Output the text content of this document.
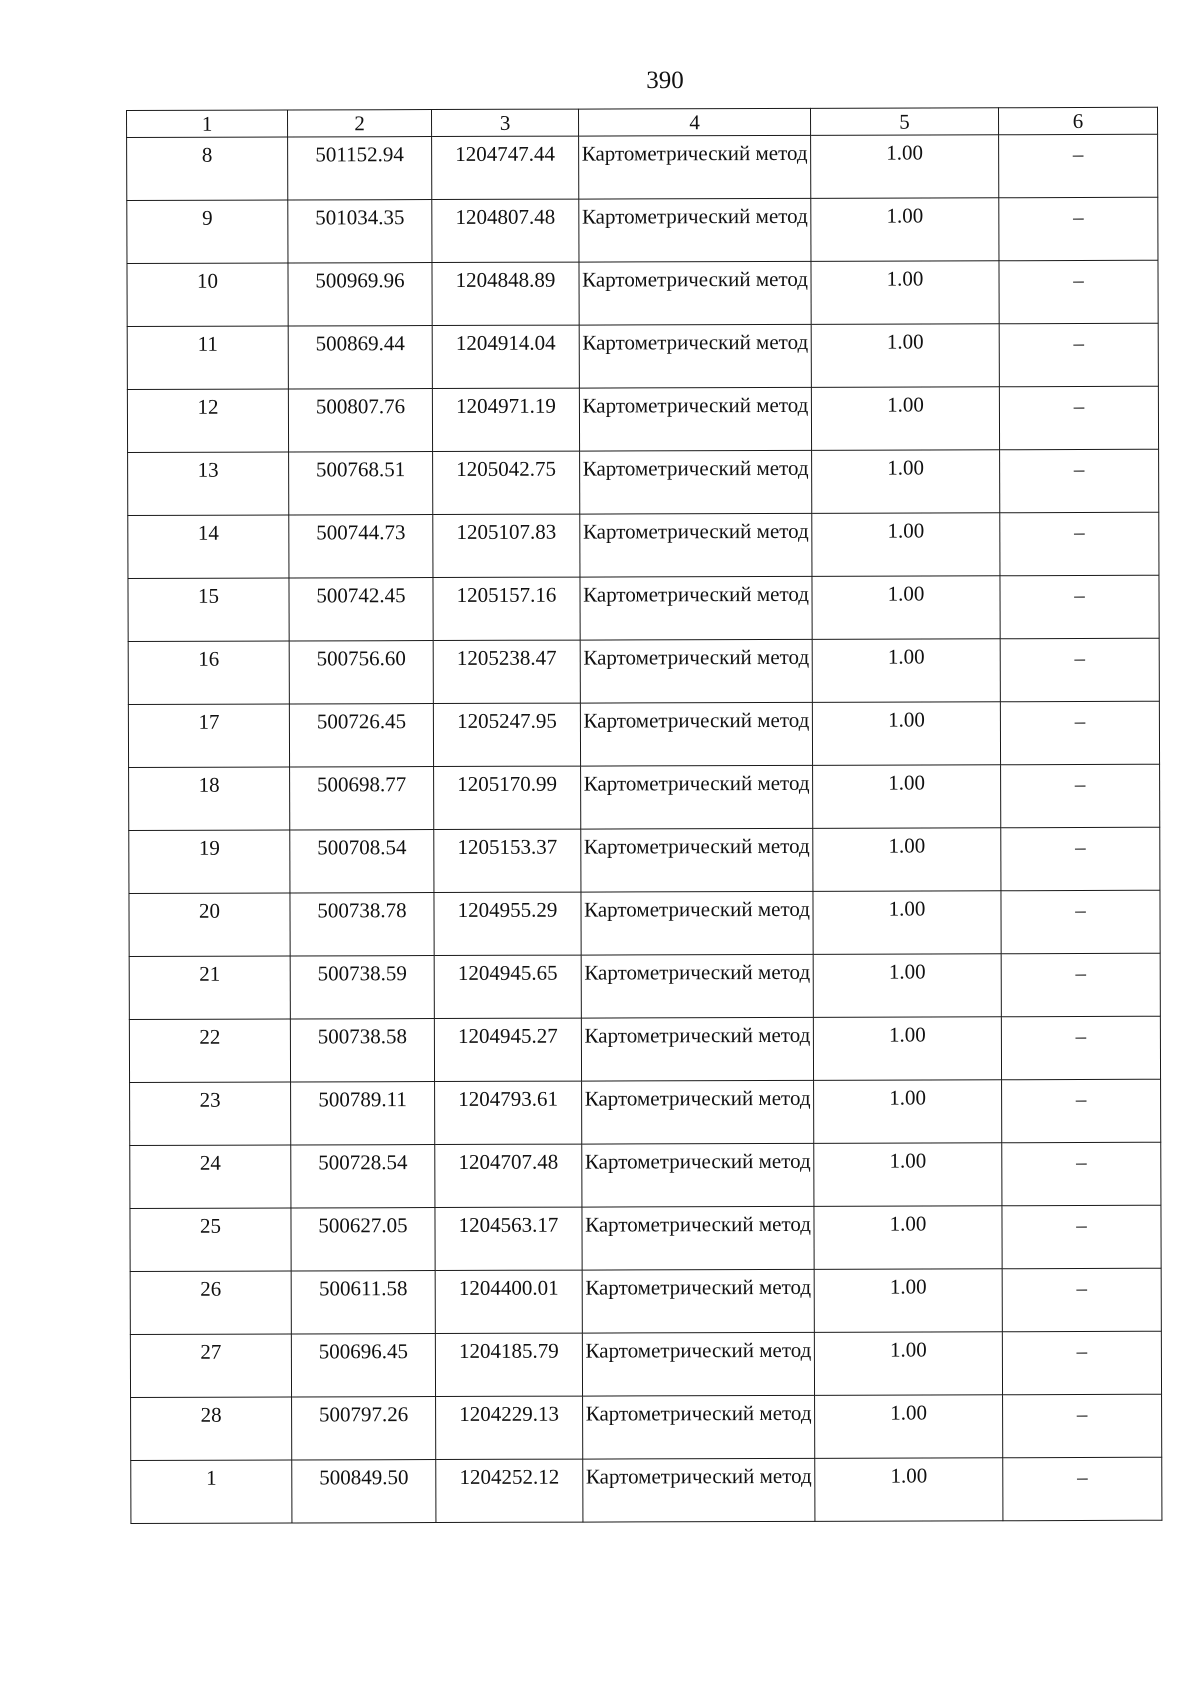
390
1	2	3	4	5	6
8	501152.94	1204747.44	Картометрический метод	1.00	–
9	501034.35	1204807.48	Картометрический метод	1.00	–
10	500969.96	1204848.89	Картометрический метод	1.00	–
11	500869.44	1204914.04	Картометрический метод	1.00	–
12	500807.76	1204971.19	Картометрический метод	1.00	–
13	500768.51	1205042.75	Картометрический метод	1.00	–
14	500744.73	1205107.83	Картометрический метод	1.00	–
15	500742.45	1205157.16	Картометрический метод	1.00	–
16	500756.60	1205238.47	Картометрический метод	1.00	–
17	500726.45	1205247.95	Картометрический метод	1.00	–
18	500698.77	1205170.99	Картометрический метод	1.00	–
19	500708.54	1205153.37	Картометрический метод	1.00	–
20	500738.78	1204955.29	Картометрический метод	1.00	–
21	500738.59	1204945.65	Картометрический метод	1.00	–
22	500738.58	1204945.27	Картометрический метод	1.00	–
23	500789.11	1204793.61	Картометрический метод	1.00	–
24	500728.54	1204707.48	Картометрический метод	1.00	–
25	500627.05	1204563.17	Картометрический метод	1.00	–
26	500611.58	1204400.01	Картометрический метод	1.00	–
27	500696.45	1204185.79	Картометрический метод	1.00	–
28	500797.26	1204229.13	Картометрический метод	1.00	–
1	500849.50	1204252.12	Картометрический метод	1.00	–
